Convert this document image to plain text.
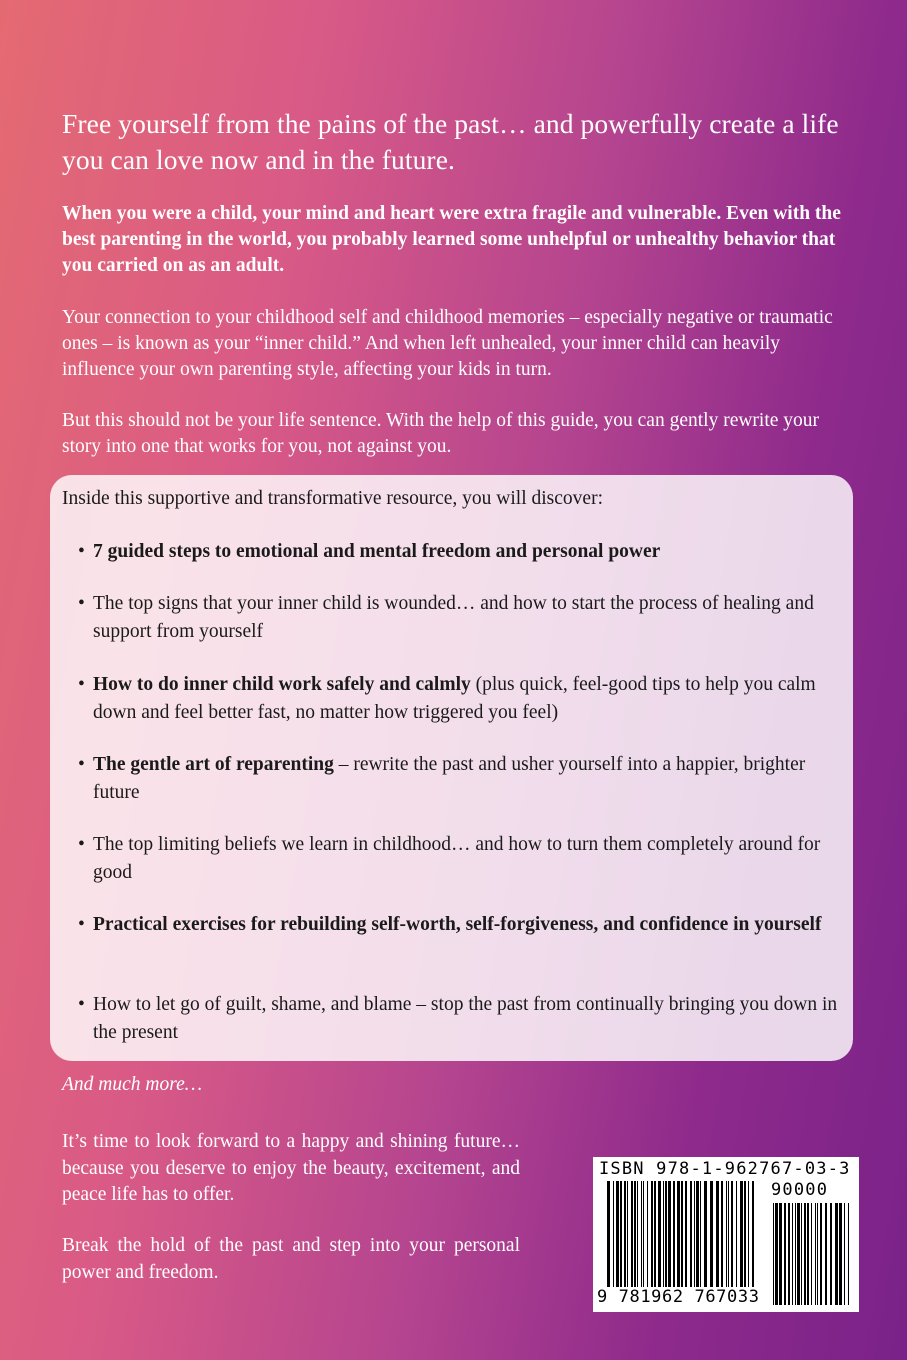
Free yourself from the pains of the past… and powerfully create a life you can love now and in the future.
When you were a child, your mind and heart were extra fragile and vulnerable. Even with the best parenting in the world, you probably learned some unhelpful or unhealthy behavior that you carried on as an adult.
Your connection to your childhood self and childhood memories – especially negative or traumatic ones – is known as your “inner child.” And when left unhealed, your inner child can heavily influence your own parenting style, affecting your kids in turn.
But this should not be your life sentence. With the help of this guide, you can gently rewrite your story into one that works for you, not against you.
Inside this supportive and transformative resource, you will discover:
• 7 guided steps to emotional and mental freedom and personal power
• The top signs that your inner child is wounded… and how to start the process of healing and support from yourself
• How to do inner child work safely and calmly (plus quick, feel-good tips to help you calm down and feel better fast, no matter how triggered you feel)
• The gentle art of reparenting – rewrite the past and usher yourself into a happier, brighter future
• The top limiting beliefs we learn in childhood… and how to turn them completely around for good
• Practical exercises for rebuilding self-worth, self-forgiveness, and confidence in yourself
• How to let go of guilt, shame, and blame – stop the past from continually bringing you down in the present
And much more…
It’s time to look forward to a happy and shining future… because you deserve to enjoy the beauty, excitement, and peace life has to offer.
Break the hold of the past and step into your personal power and freedom.
ISBN 978-1-962767-03-3
90000
9 781962 767033
